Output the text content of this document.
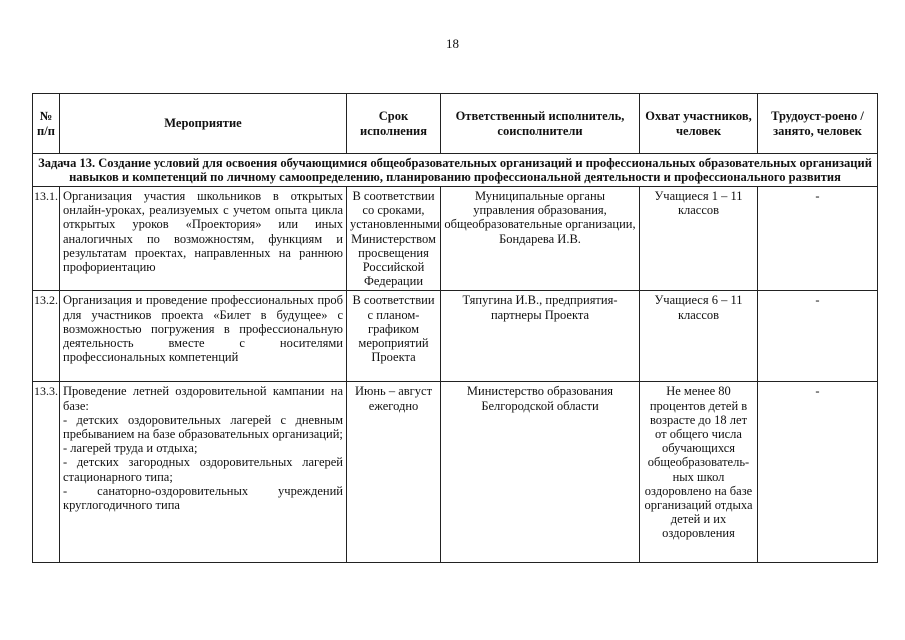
18
№ п/п	Мероприятие	Срок исполнения	Ответственный исполнитель, соисполнители	Охват участников, человек	Трудоуст-роено / занято, человек
Задача 13. Создание условий для освоения обучающимися общеобразовательных организаций и профессиональных образовательных организаций навыков и компетенций по личному самоопределению, планированию профессиональной деятельности и профессионального развития					
13.1.	Организация участия школьников в открытых онлайн-уроках, реализуемых с учетом опыта цикла открытых уроков «Проектория» или иных аналогичных по возможностям, функциям и результатам проектах, направленных на раннюю профориентацию	В соответствии со сроками, установленными Министерством просвещения Российской Федерации	Муниципальные органы управления образования, общеобразовательные организации, Бондарева И.В.	Учащиеся 1 – 11 классов	-
13.2.	Организация и проведение профессиональных проб для участников проекта «Билет в будущее» с возможностью погружения в профессиональную деятельность вместе с носителями профессиональных компетенций	В соответствии с планом-графиком мероприятий Проекта	Тяпугина И.В., предприятия-партнеры Проекта	Учащиеся 6 – 11 классов	-
13.3.	Проведение летней оздоровительной кампании на базе:
- детских оздоровительных лагерей с дневным пребыванием на базе образовательных организаций;
- лагерей труда и отдыха;
- детских загородных оздоровительных лагерей стационарного типа;
- санаторно-оздоровительных учреждений круглогодичного типа	Июнь – август ежегодно	Министерство образования Белгородской области	Не менее 80 процентов детей в возрасте до 18 лет от общего числа обучающихся общеобразователь-ных школ оздоровлено на базе организаций отдыха детей и их оздоровления	-
